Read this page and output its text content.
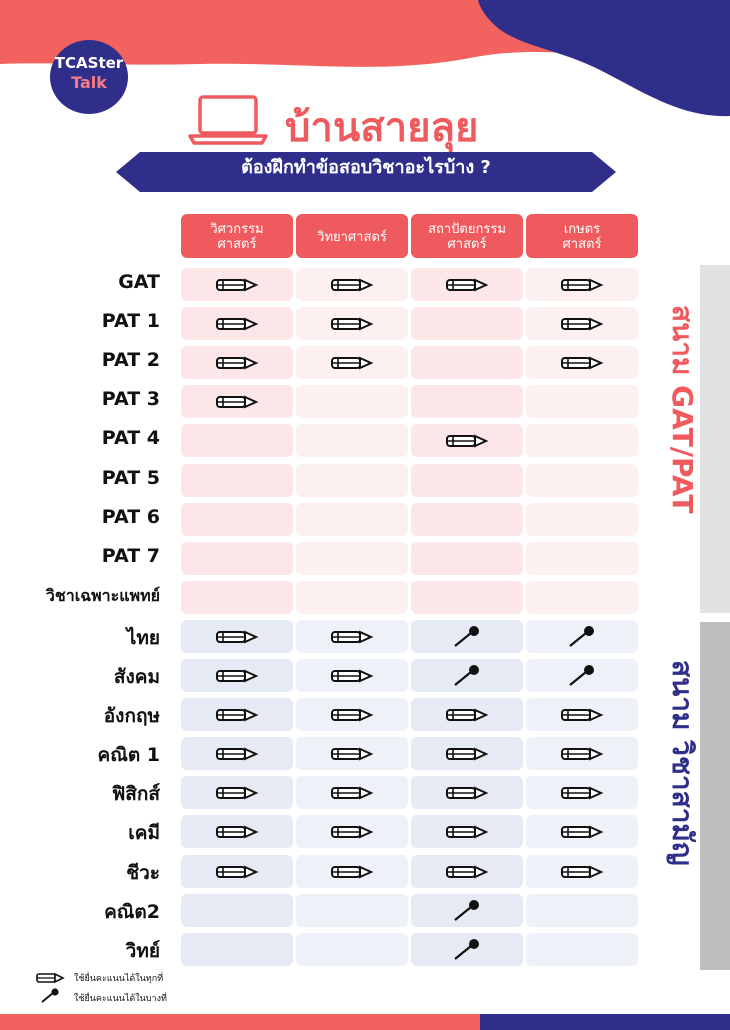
TCASter
Talk
บ้านสายลุย
ต้องฝึกทำข้อสอบวิชาอะไรบ้าง ?
วิศวกรรม
ศาสตร์	วิทยาศาสตร์	สถาปัตยกรรม
ศาสตร์
เกษตร
ศาสตร์
GAT
PAT 1
PAT 2
PAT 3
PAT 4
PAT 5
PAT 6
PAT 7
วิชาเฉพาะแพทย์
ไทย
สังคม
อังกฤษ
คณิต 1
ฟิสิกส์
เคมี
ชีวะ
คณิต2
วิทย์
สนาม GAT/PAT
สนาม วิชาสามัญ
ใช้ยื่นคะแนนได้ในทุกที่
ใช้ยื่นคะแนนได้ในบางที่
